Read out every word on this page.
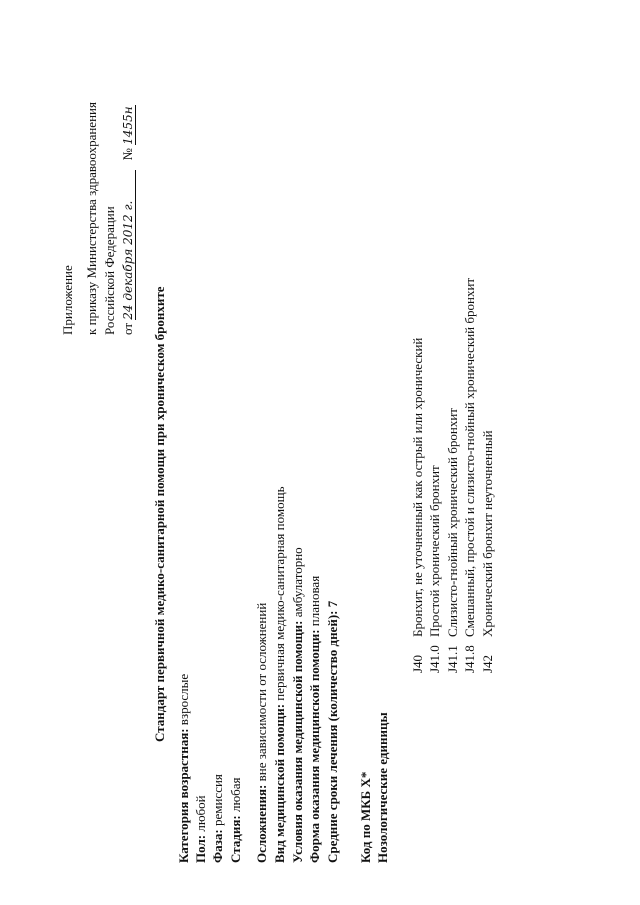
Приложение к приказу Министерства здравоохранения Российской Федерации от 24 декабря 2012 г. № 1455н
Стандарт первичной медико-санитарной помощи при хроническом бронхите
Категория возрастная: взрослые
Пол: любой
Фаза: ремиссия
Стадия: любая Осложнения: вне зависимости от осложнений
Вид медицинской помощи: первичная медико-санитарная помощь
Условия оказания медицинской помощи: амбулаторно
Форма оказания медицинской помощи: плановая
Средние сроки лечения (количество дней): 7
Код по МКБ X* Нозологические единицы
J40
Бронхит, не уточненный как острый или хронический
J41.0
Простой хронический бронхит
J41.1
Слизисто-гнойный хронический бронхит
J41.8
Смешанный, простой и слизисто-гнойный хронический бронхит
J42
Хронический бронхит неуточненный
